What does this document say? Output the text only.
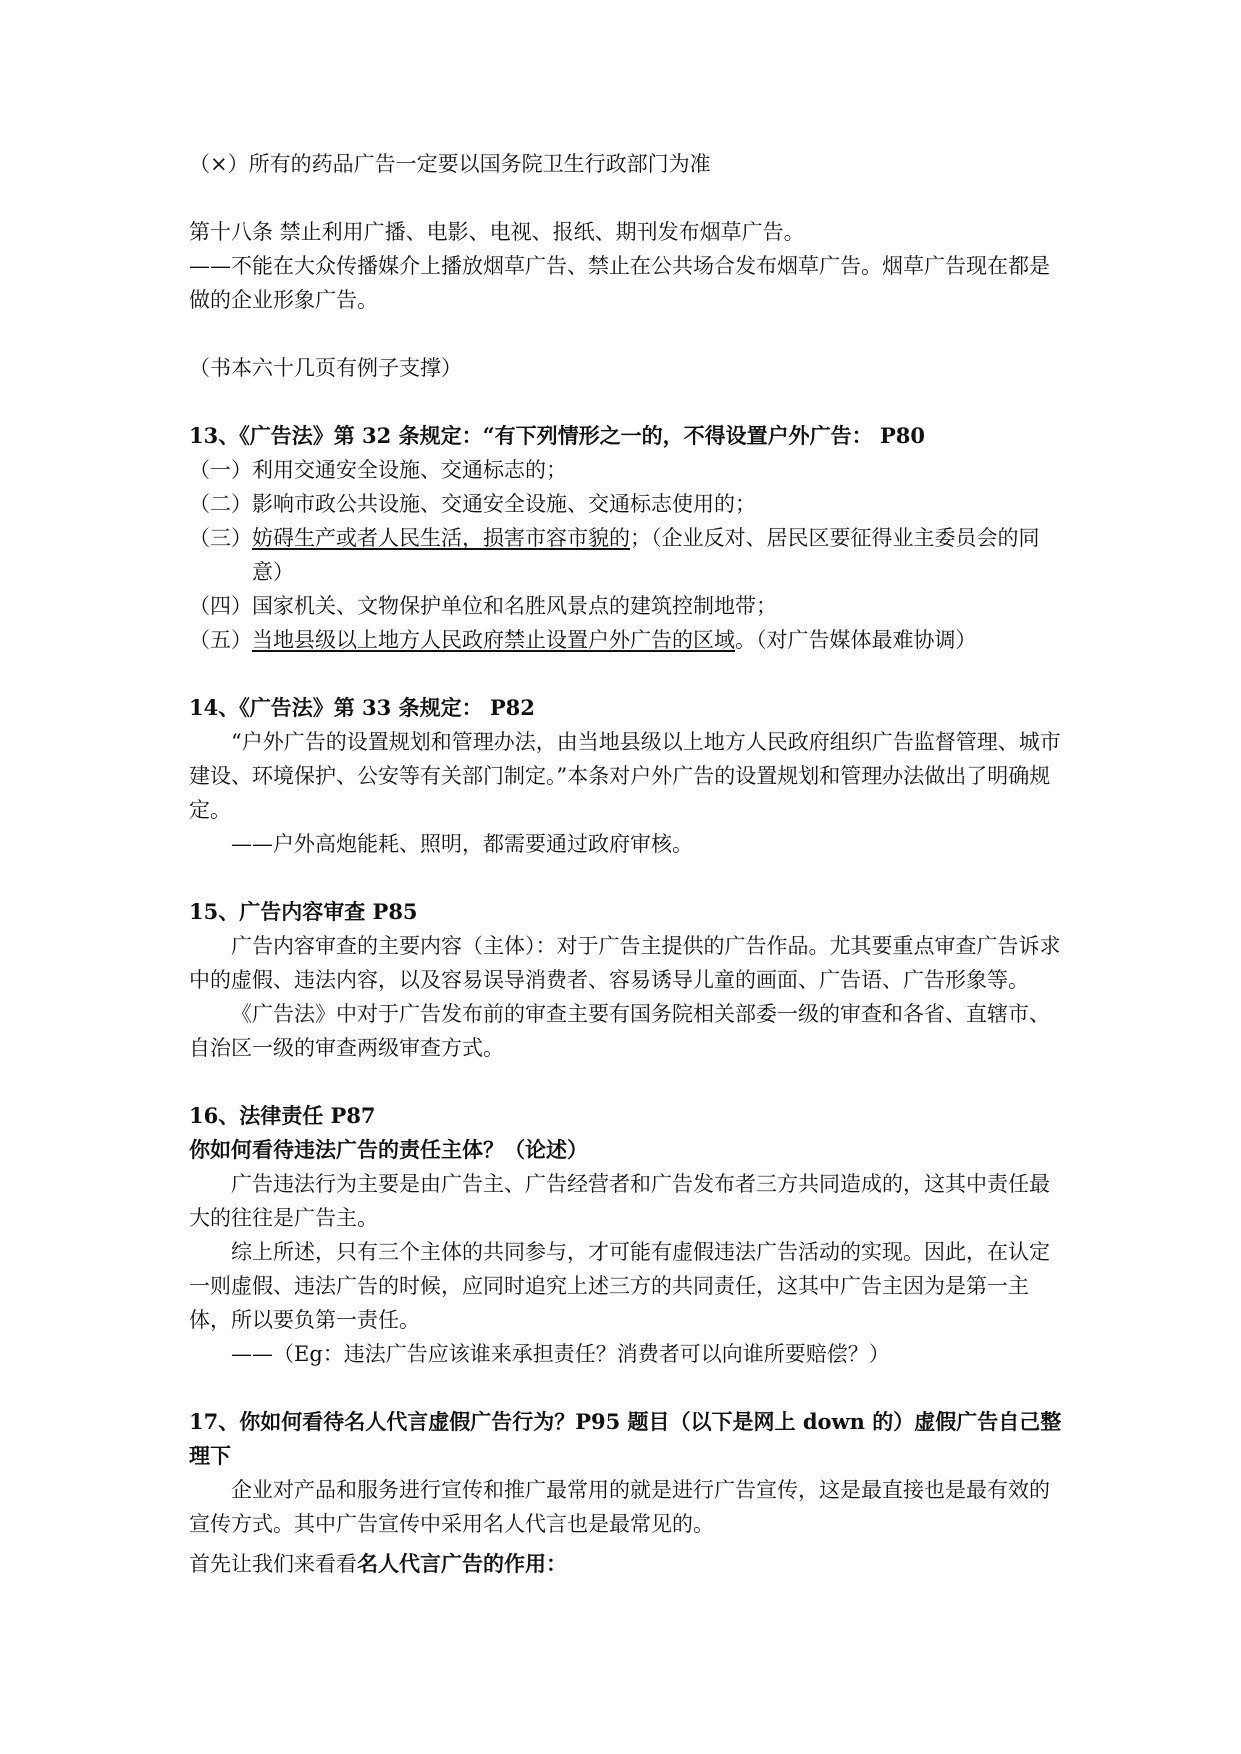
（×）所有的药品广告一定要以国务院卫生行政部门为准

第十八条 禁止利用广播、电影、电视、报纸、期刊发布烟草广告。

——不能在大众传播媒介上播放烟草广告、禁止在公共场合发布烟草广告。烟草广告现在都是做的企业形象广告。

（书本六十几页有例子支撑）

13、《广告法》第 32 条规定：“有下列情形之一的，不得设置户外广告： P80

（一）利用交通安全设施、交通标志的；

（二）影响市政公共设施、交通安全设施、交通标志使用的；

（三）妨碍生产或者人民生活，损害市容市貌的；（企业反对、居民区要征得业主委员会的同意）

（四）国家机关、文物保护单位和名胜风景点的建筑控制地带；

（五）当地县级以上地方人民政府禁止设置户外广告的区域。（对广告媒体最难协调）

14、《广告法》第 33 条规定： P82

“户外广告的设置规划和管理办法，由当地县级以上地方人民政府组织广告监督管理、城市建设、环境保护、公安等有关部门制定。”本条对户外广告的设置规划和管理办法做出了明确规定。

——户外高炮能耗、照明，都需要通过政府审核。

15、广告内容审查 P85

广告内容审查的主要内容（主体）：对于广告主提供的广告作品。尤其要重点审查广告诉求中的虚假、违法内容，以及容易误导消费者、容易诱导儿童的画面、广告语、广告形象等。

《广告法》中对于广告发布前的审查主要有国务院相关部委一级的审查和各省、直辖市、自治区一级的审查两级审查方式。

16、法律责任 P87

你如何看待违法广告的责任主体？（论述）

广告违法行为主要是由广告主、广告经营者和广告发布者三方共同造成的，这其中责任最大的往往是广告主。

综上所述，只有三个主体的共同参与，才可能有虚假违法广告活动的实现。因此，在认定一则虚假、违法广告的时候，应同时追究上述三方的共同责任，这其中广告主因为是第一主体，所以要负第一责任。

——（Eg：违法广告应该谁来承担责任？消费者可以向谁所要赔偿？）

17、你如何看待名人代言虚假广告行为？P95 题目（以下是网上 down 的）虚假广告自己整理下

企业对产品和服务进行宣传和推广最常用的就是进行广告宣传，这是最直接也是最有效的宣传方式。其中广告宣传中采用名人代言也是最常见的。

首先让我们来看看名人代言广告的作用：
